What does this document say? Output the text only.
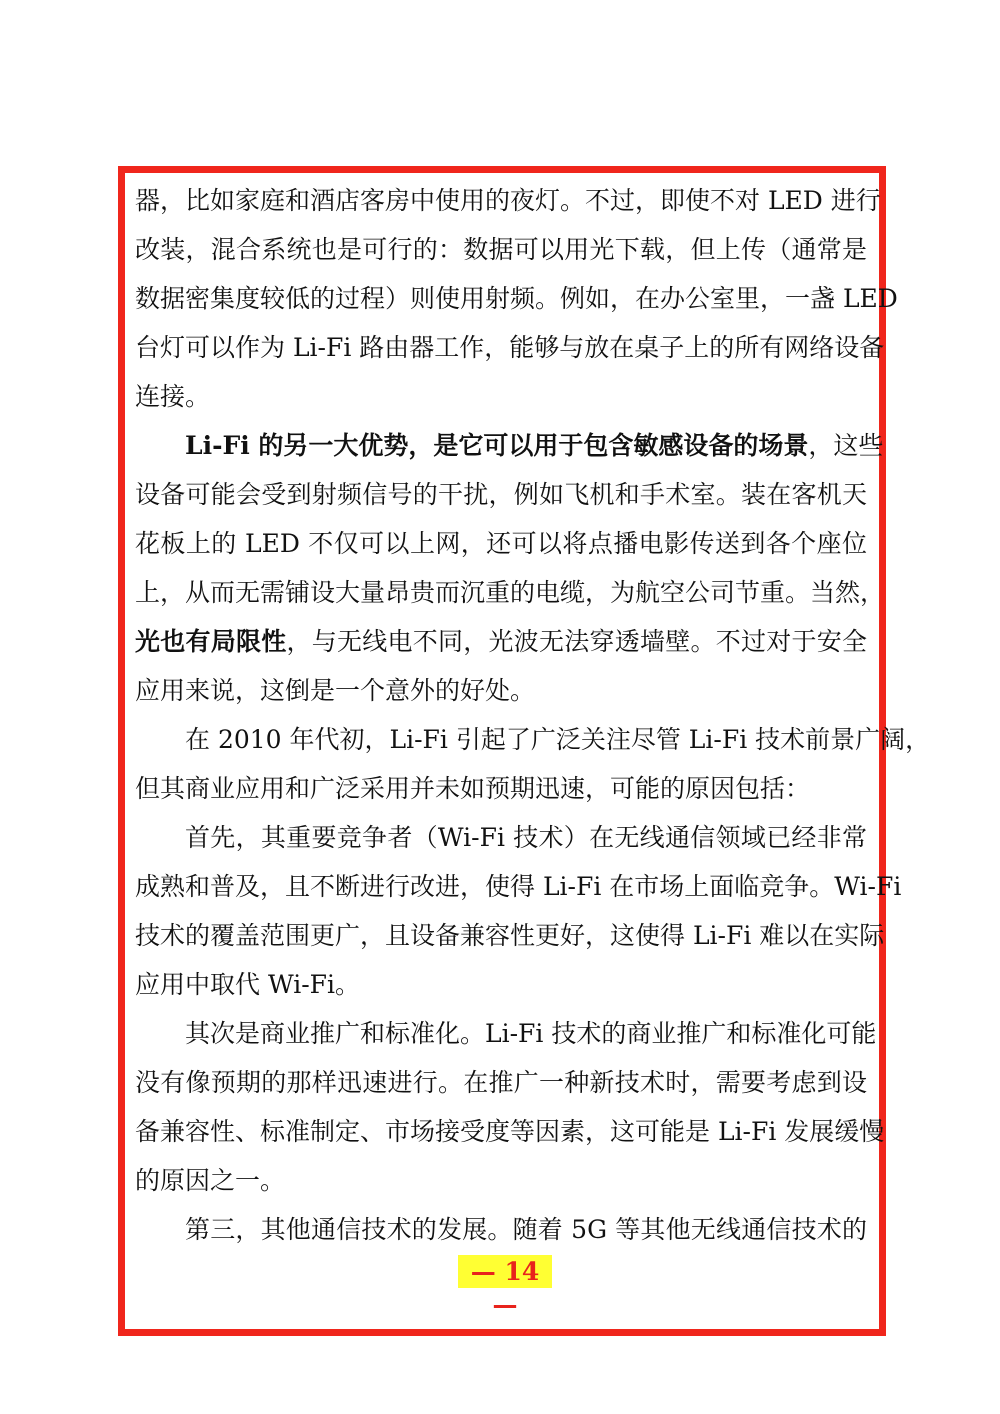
器，比如家庭和酒店客房中使用的夜灯。不过，即使不对 LED 进行
改装，混合系统也是可行的：数据可以用光下载，但上传（通常是
数据密集度较低的过程）则使用射频。例如，在办公室里，一盏 LED
台灯可以作为 Li-Fi 路由器工作，能够与放在桌子上的所有网络设备
连接。
Li-Fi 的另一大优势，是它可以用于包含敏感设备的场景，这些
设备可能会受到射频信号的干扰，例如飞机和手术室。装在客机天
花板上的 LED 不仅可以上网，还可以将点播电影传送到各个座位
上，从而无需铺设大量昂贵而沉重的电缆，为航空公司节重。当然，
光也有局限性，与无线电不同，光波无法穿透墙壁。不过对于安全
应用来说，这倒是一个意外的好处。
在 2010 年代初，Li-Fi 引起了广泛关注尽管 Li-Fi 技术前景广阔，
但其商业应用和广泛采用并未如预期迅速，可能的原因包括：
首先，其重要竞争者（Wi-Fi 技术）在无线通信领域已经非常
成熟和普及，且不断进行改进，使得 Li-Fi 在市场上面临竞争。Wi-Fi
技术的覆盖范围更广，且设备兼容性更好，这使得 Li-Fi 难以在实际
应用中取代 Wi-Fi。
其次是商业推广和标准化。Li-Fi 技术的商业推广和标准化可能
没有像预期的那样迅速进行。在推广一种新技术时，需要考虑到设
备兼容性、标准制定、市场接受度等因素，这可能是 Li-Fi 发展缓慢
的原因之一。
第三，其他通信技术的发展。随着 5G 等其他无线通信技术的
— 14 —
